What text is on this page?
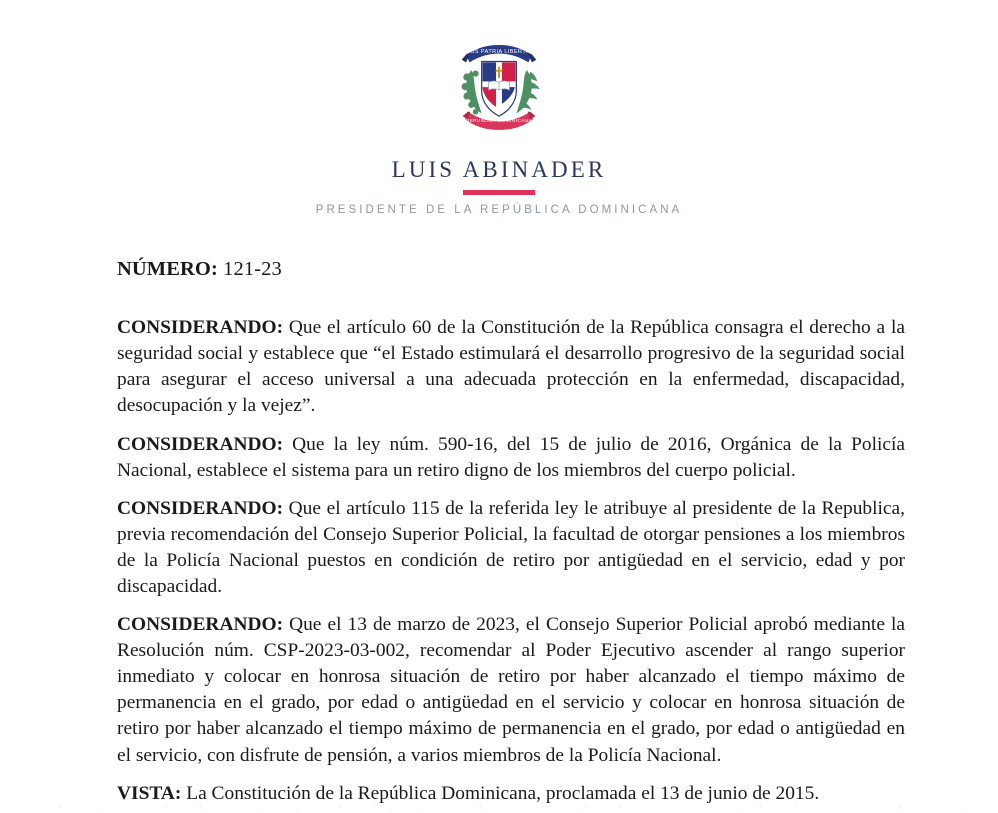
DIOS PATRIA LIBERTAD
REPUBLICA DOMINICANA
LUIS ABINADER
PRESIDENTE DE LA REPÚBLICA DOMINICANA
NÚMERO: 121-23

CONSIDERANDO: Que el artículo 60 de la Constitución de la República consagra el derecho a la seguridad social y establece que “el Estado estimulará el desarrollo progresivo de la seguridad social para asegurar el acceso universal a una adecuada protección en la enfermedad, discapacidad, desocupación y la vejez”.

CONSIDERANDO: Que la ley núm. 590-16, del 15 de julio de 2016, Orgánica de la Policía Nacional, establece el sistema para un retiro digno de los miembros del cuerpo policial.

CONSIDERANDO: Que el artículo 115 de la referida ley le atribuye al presidente de la Republica, previa recomendación del Consejo Superior Policial, la facultad de otorgar pensiones a los miembros de la Policía Nacional puestos en condición de retiro por antigüedad en el servicio, edad y por discapacidad.

CONSIDERANDO: Que el 13 de marzo de 2023, el Consejo Superior Policial aprobó mediante la Resolución núm. CSP-2023-03-002, recomendar al Poder Ejecutivo ascender al rango superior inmediato y colocar en honrosa situación de retiro por haber alcanzado el tiempo máximo de permanencia en el grado, por edad o antigüedad en el servicio y colocar en honrosa situación de retiro por haber alcanzado el tiempo máximo de permanencia en el grado, por edad o antigüedad en el servicio, con disfrute de pensión, a varios miembros de la Policía Nacional.

VISTA: La Constitución de la República Dominicana, proclamada el 13 de junio de 2015.
